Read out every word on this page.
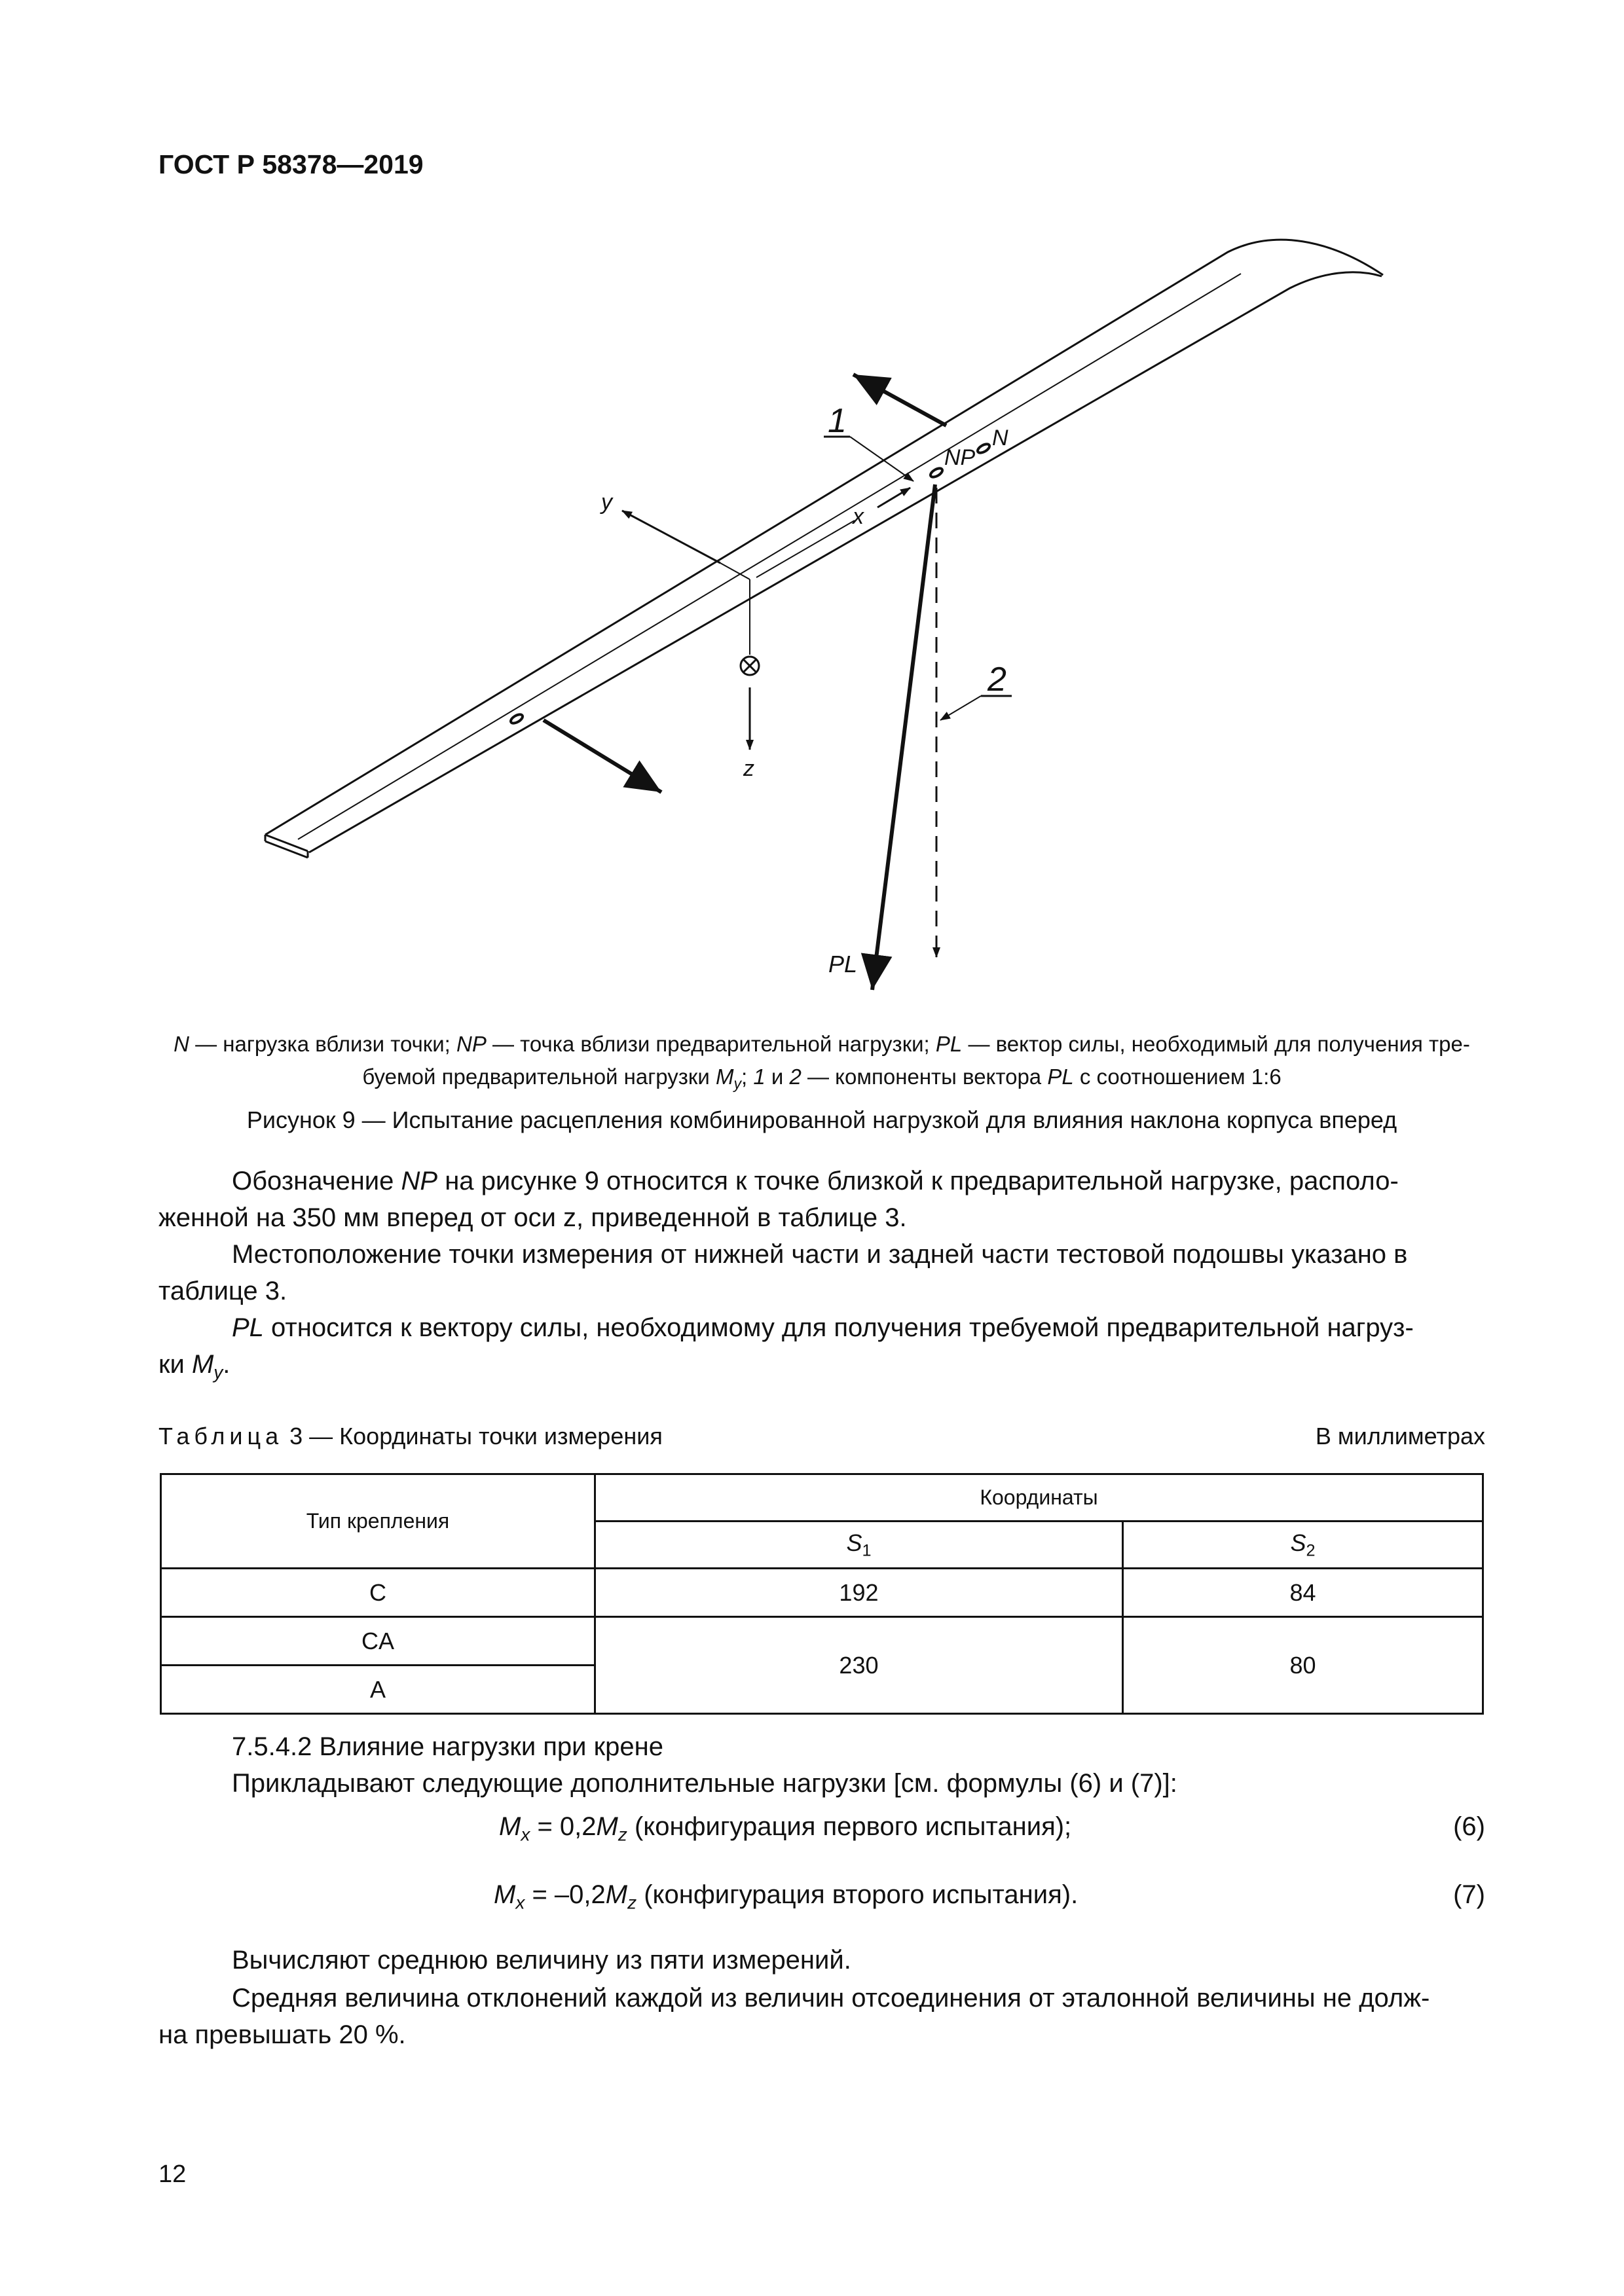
ГОСТ Р 58378—2019
1
2
NP
N
x
y
z
PL
N — нагрузка вблизи точки; NP — точка вблизи предварительной нагрузки; PL — вектор силы, необходимый для получения тре-
буемой предварительной нагрузки $M_y$; 1 и 2 — компоненты вектора PL с соотношением 1:6
Рисунок 9 — Испытание расцепления комбинированной нагрузкой для влияния наклона корпуса вперед
Обозначение NP на рисунке 9 относится к точке близкой к предварительной нагрузке, располо-
женной на 350 мм вперед от оси z, приведенной в таблице 3.
Местоположение точки измерения от нижней части и задней части тестовой подошвы указано в
таблице 3.
PL относится к вектору силы, необходимому для получения требуемой предварительной нагруз-
ки $M_y$.
Таблица 3 — Координаты точки измерения	В миллиметрах
Тип крепления	Координаты	
	$S_1$	$S_2$
C	192	84
CA	230	80
A		
7.5.4.2 Влияние нагрузки при крене
Прикладывают следующие дополнительные нагрузки [см. формулы (6) и (7)]:
$M_x = 0,2M_z$ (конфигурация первого испытания);	(6)
$M_x = -0,2M_z$ (конфигурация второго испытания).	(7)
Вычисляют среднюю величину из пяти измерений.
Средняя величина отклонений каждой из величин отсоединения от эталонной величины не долж-
на превышать 20 %.
12
